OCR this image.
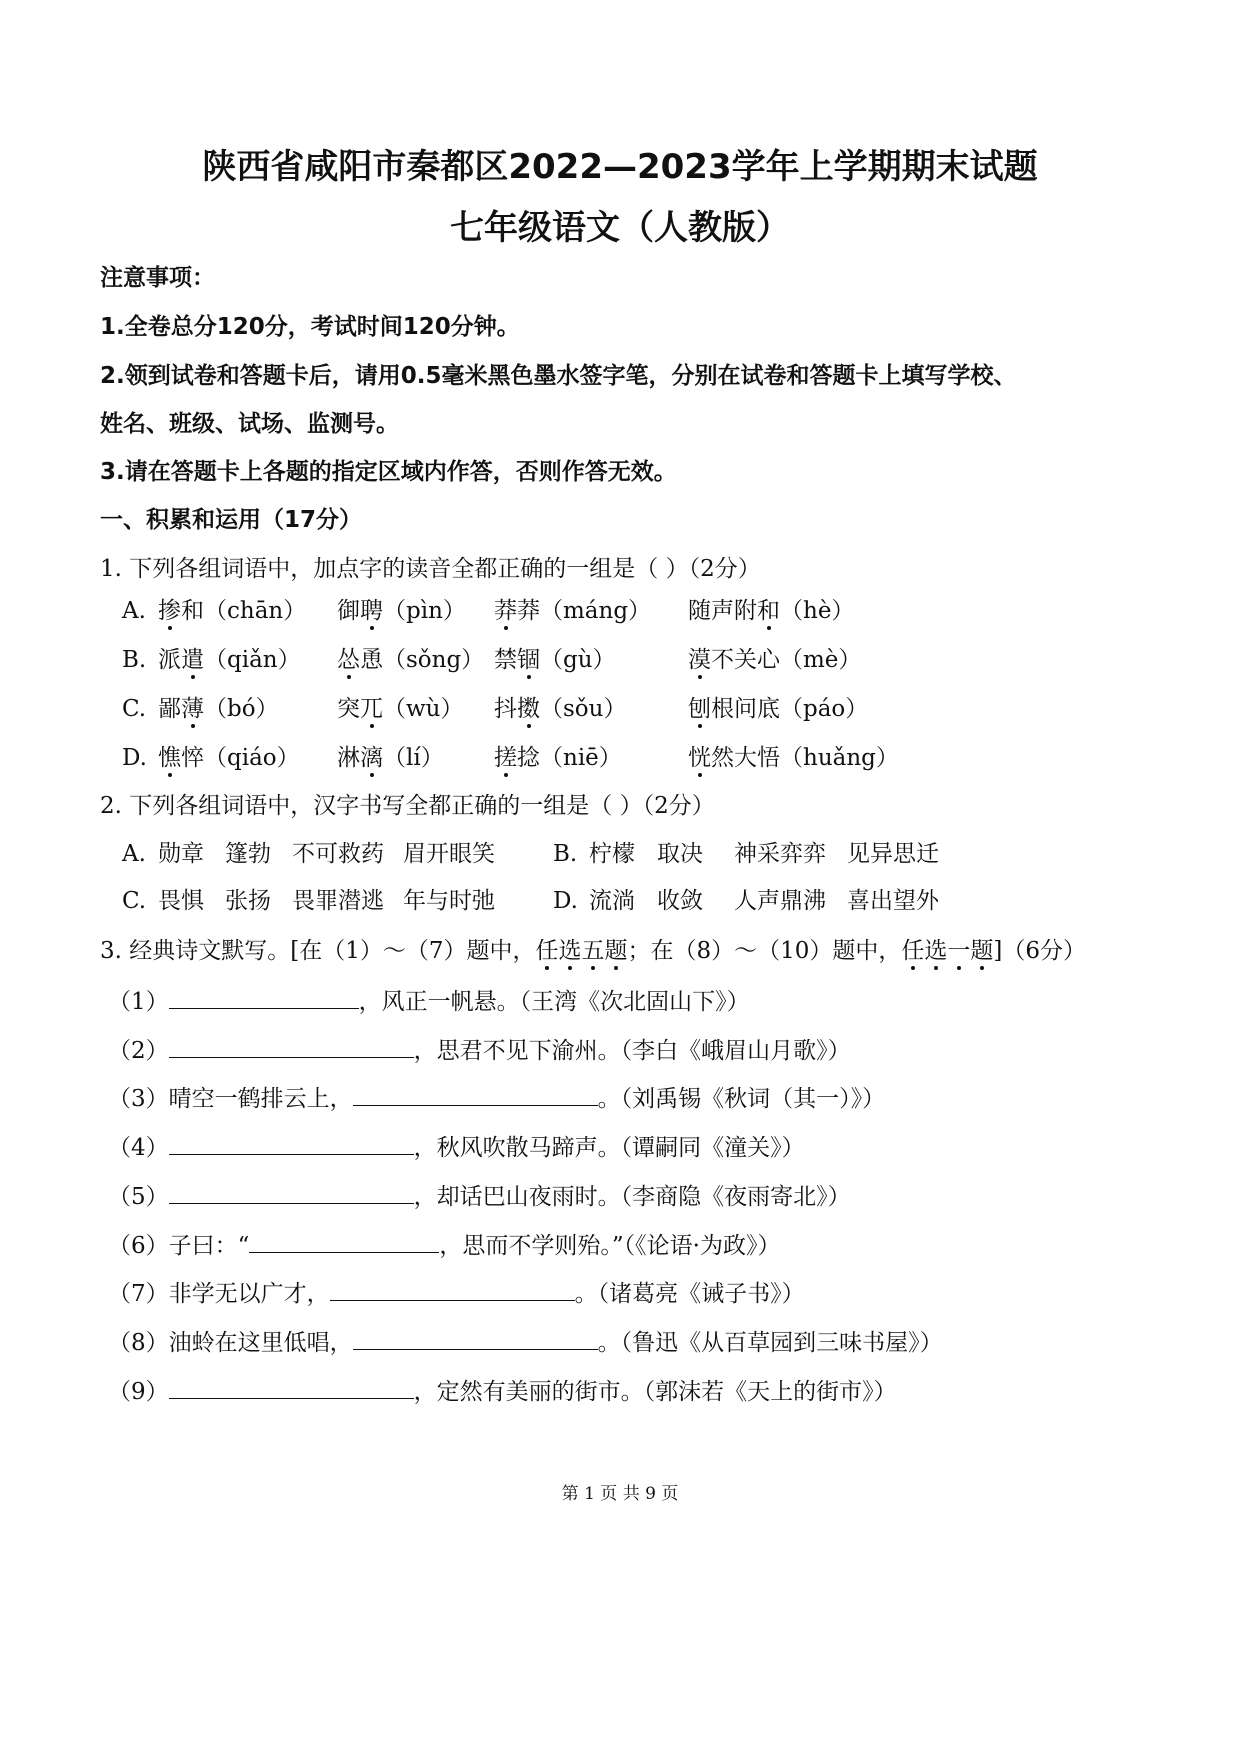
陕西省咸阳市秦都区2022—2023学年上学期期末试题
七年级语文（人教版）
注意事项：
1.全卷总分120分，考试时间120分钟。
2.领到试卷和答题卡后，请用0.5毫米黑色墨水签字笔，分别在试卷和答题卡上填写学校、
姓名、班级、试场、监测号。
3.请在答题卡上各题的指定区域内作答，否则作答无效。
一、积累和运用（17分）
1. 下列各组词语中，加点字的读音全都正确的一组是（ ）（2分）
A. 掺和（chān） 御聘（pìn） 莽莽（máng） 随声附和（hè）
B. 派遣（qiǎn） 怂恿（sǒng） 禁锢（gù）	漠不关心（mè）
C. 鄙薄（bó）	突兀（wù） 抖擞（sǒu）	刨根问底（páo）
D. 憔悴（qiáo） 淋漓（lí） 搓捻（niē）	恍然大悟（huǎng）
2. 下列各组词语中，汉字书写全都正确的一组是（ ）（2分）
A. 勋章 篷勃 不可救药 眉开眼笑	B. 柠檬 取决 神采弈弈 见异思迁
C. 畏惧 张扬 畏罪潜逃 年与时弛	D. 流淌 收敛 人声鼎沸 喜出望外
3. 经典诗文默写。[在（1）～（7）题中，任选五题；在（8）～（10）题中，任选一题]（6分）
（1）	，风正一帆悬。（王湾《次北固山下》）
（2）	，思君不见下渝州。（李白《峨眉山月歌》）
（3）晴空一鹤排云上，	。（刘禹锡《秋词（其一）》）
（4）	，秋风吹散马蹄声。（谭嗣同《潼关》）
（5）	，却话巴山夜雨时。（李商隐《夜雨寄北》）
（6）子曰：“	，思而不学则殆。”（《论语·为政》）
（7）非学无以广才，	。（诸葛亮《诫子书》）
（8）油蛉在这里低唱，	。（鲁迅《从百草园到三味书屋》）
（9）	，定然有美丽的街市。（郭沫若《天上的街市》）
第 1 页 共 9 页
